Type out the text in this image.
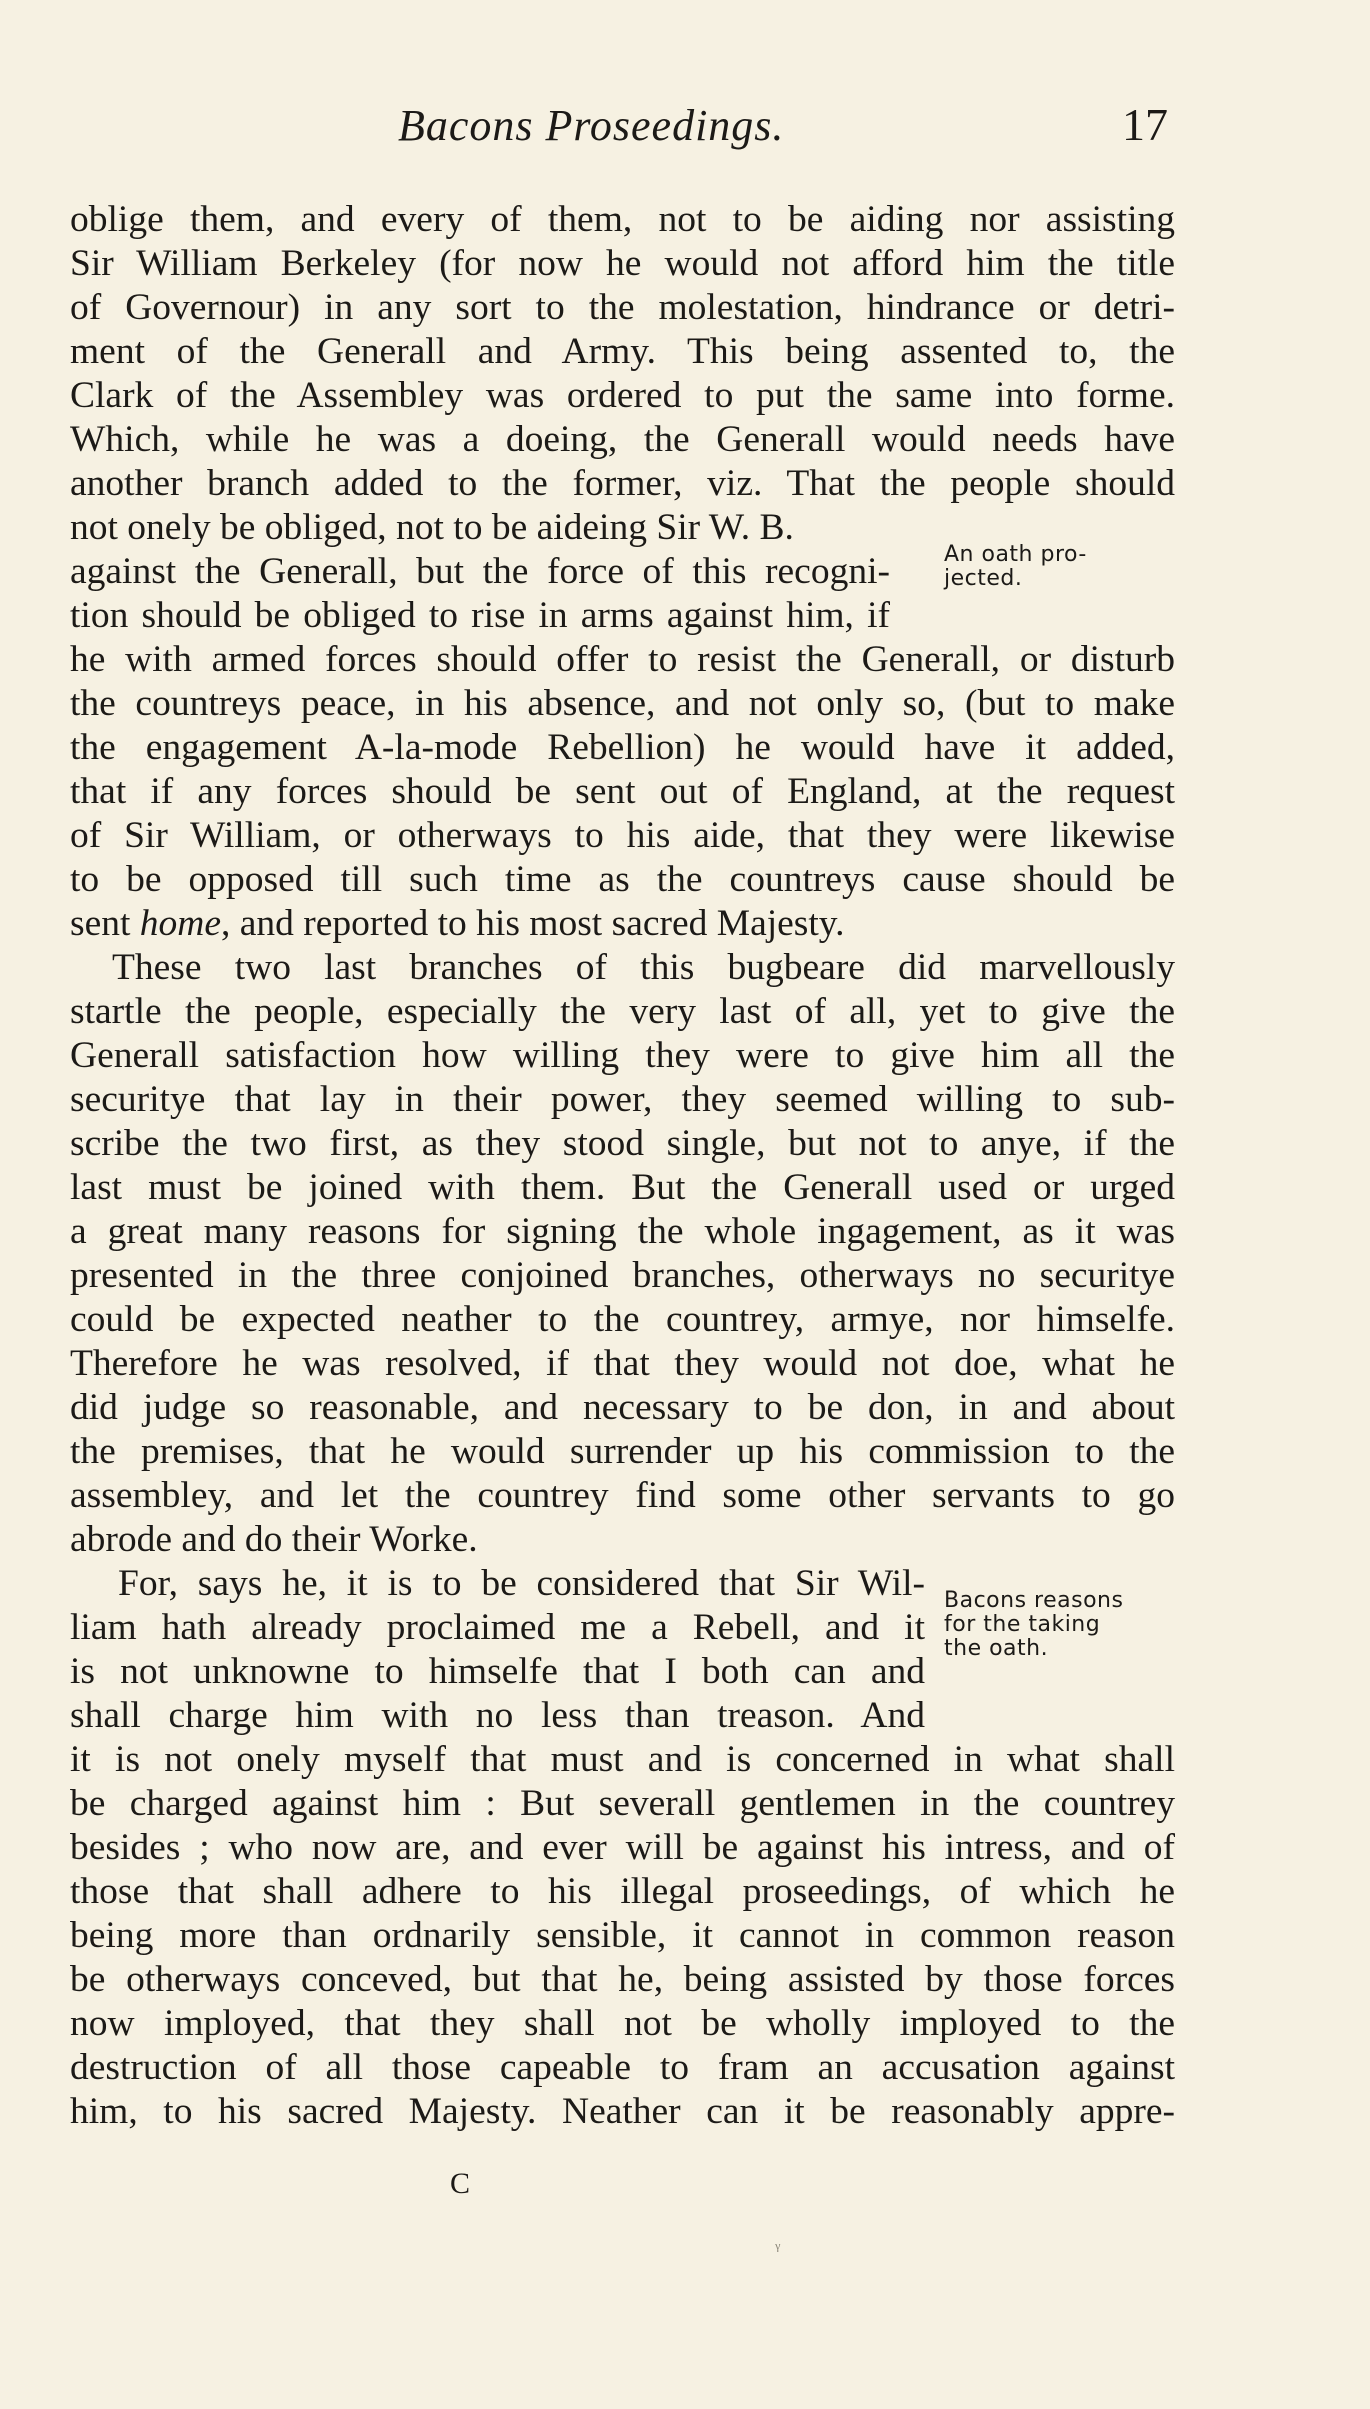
Bacons Proseedings.	17
oblige them, and every of them, not to be aiding nor assisting
Sir William Berkeley (for now he would not afford him the title
of Governour) in any sort to the molestation, hindrance or detri-
ment of the Generall and Army. This being assented to, the
Clark of the Assembley was ordered to put the same into forme.
Which, while he was a doeing, the Generall would needs have
another branch added to the former, viz. That the people should
not onely be obliged, not to be aideing Sir W. B.
against the Generall, but the force of this recogni-
tion should be obliged to rise in arms against him, if
he with armed forces should offer to resist the Generall, or disturb
the countreys peace, in his absence, and not only so, (but to make
the engagement A-la-mode Rebellion) he would have it added,
that if any forces should be sent out of England, at the request
of Sir William, or otherways to his aide, that they were likewise
to be opposed till such time as the countreys cause should be
sent home, and reported to his most sacred Majesty.
These two last branches of this bugbeare did marvellously
startle the people, especially the very last of all, yet to give the
Generall satisfaction how willing they were to give him all the
securitye that lay in their power, they seemed willing to sub-
scribe the two first, as they stood single, but not to anye, if the
last must be joined with them. But the Generall used or urged
a great many reasons for signing the whole ingagement, as it was
presented in the three conjoined branches, otherways no securitye
could be expected neather to the countrey, armye, nor himselfe.
Therefore he was resolved, if that they would not doe, what he
did judge so reasonable, and necessary to be don, in and about
the premises, that he would surrender up his commission to the
assembley, and let the countrey find some other servants to go
abrode and do their Worke.
For, says he, it is to be considered that Sir Wil-
liam hath already proclaimed me a Rebell, and it
is not unknowne to himselfe that I both can and
shall charge him with no less than treason. And
it is not onely myself that must and is concerned in what shall
be charged against him : But severall gentlemen in the countrey
besides ; who now are, and ever will be against his intress, and of
those that shall adhere to his illegal proseedings, of which he
being more than ordnarily sensible, it cannot in common reason
be otherways conceved, but that he, being assisted by those forces
now imployed, that they shall not be wholly imployed to the
destruction of all those capeable to fram an accusation against
him, to his sacred Majesty. Neather can it be reasonably appre-
An oath pro-
jected.
Bacons reasons
for the taking
the oath.
C
ᵞ
